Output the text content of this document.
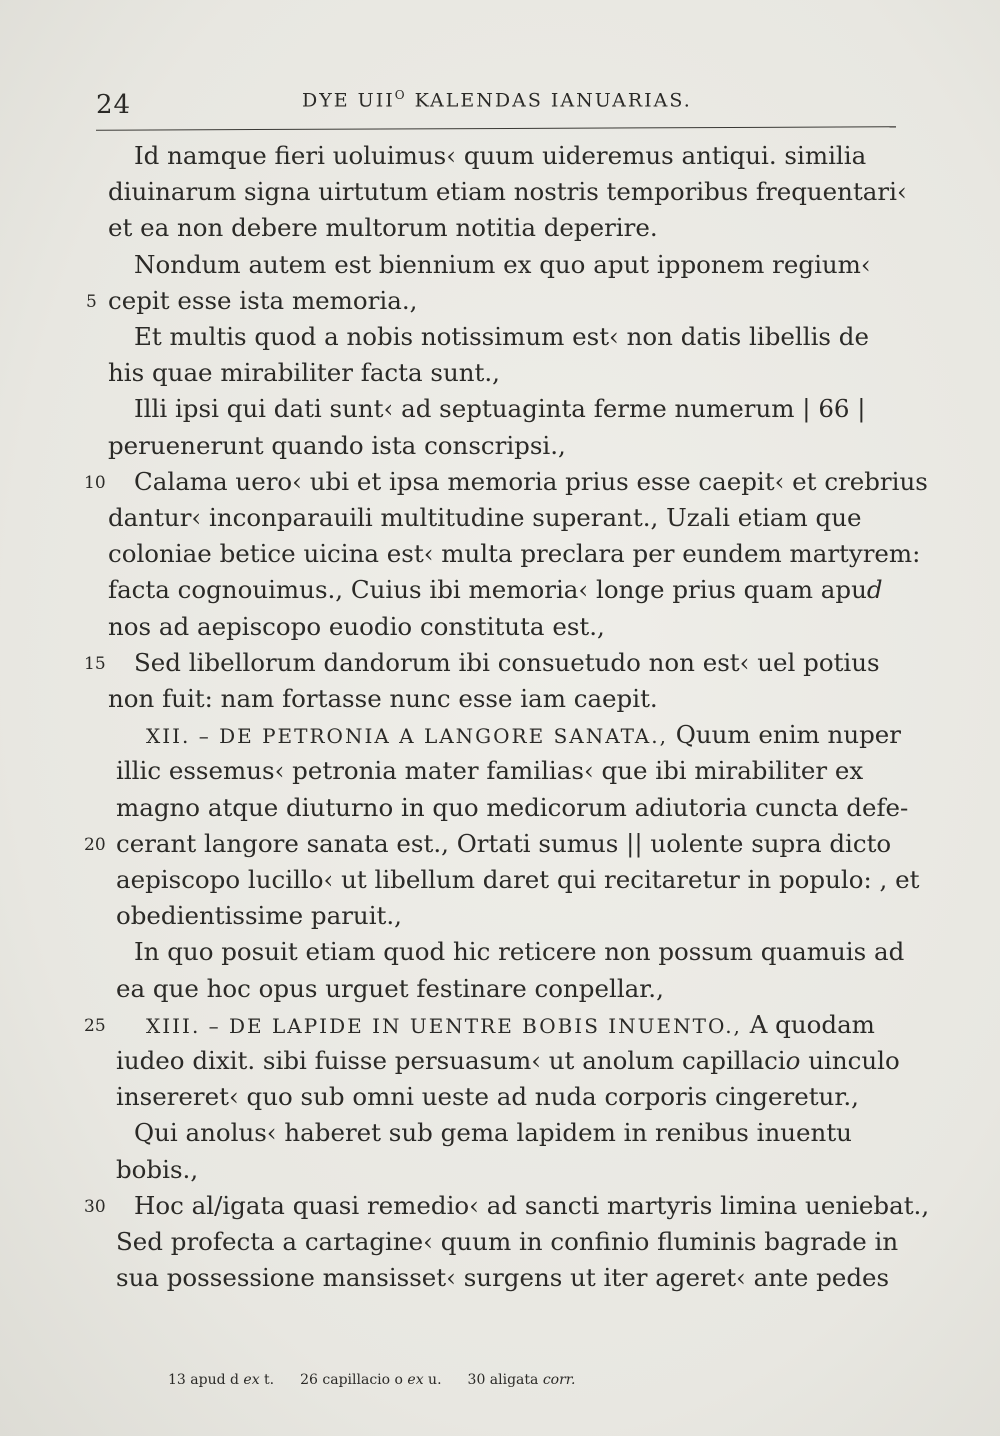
24	DYE $UII^O$ KALENDAS IANUARIAS.
Id namque fieri uoluimus‹ quum uideremus antiqui. similia
diuinarum signa uirtutum etiam nostris temporibus frequentari‹
et ea non debere multorum notitia deperire.
Nondum autem est biennium ex quo aput ipponem regium‹
cepit esse ista memoria.,
5
Et multis quod a nobis notissimum est‹ non datis libellis de
his quae mirabiliter facta sunt.,
Illi ipsi qui dati sunt‹ ad septuaginta ferme numerum | 66 |
peruenerunt quando ista conscripsi.,
Calama uero‹ ubi et ipsa memoria prius esse caepit‹ et crebrius
10
dantur‹ inconparauili multitudine superant., Uzali etiam que
coloniae betice uicina est‹ multa preclara per eundem martyrem:
facta cognouimus., Cuius ibi memoria‹ longe prius quam apud
nos ad aepiscopo euodio constituta est.,
Sed libellorum dandorum ibi consuetudo non est‹ uel potius
15
non fuit: nam fortasse nunc esse iam caepit.
XII. – DE PETRONIA A LANGORE SANATA., Quum enim nuper
illic essemus‹ petronia mater familias‹ que ibi mirabiliter ex
magno atque diuturno in quo medicorum adiutoria cuncta defe-
cerant langore sanata est., Ortati sumus || uolente supra dicto
20
aepiscopo lucillo‹ ut libellum daret qui recitaretur in populo: , et
obedientissime paruit.,
In quo posuit etiam quod hic reticere non possum quamuis ad
ea que hoc opus urguet festinare conpellar.,
XIII. – DE LAPIDE IN UENTRE BOBIS INUENTO., A quodam
25
iudeo dixit. sibi fuisse persuasum‹ ut anolum capillacio uinculo
insereret‹ quo sub omni ueste ad nuda corporis cingeretur.,
Qui anolus‹ haberet sub gema lapidem in renibus inuentu
bobis.,
Hoc al/igata quasi remedio‹ ad sancti martyris limina ueniebat.,
30
Sed profecta a cartagine‹ quum in confinio fluminis bagrade in
sua possessione mansisset‹ surgens ut iter ageret‹ ante pedes
13 apud d ex t. 26 capillacio o ex u. 30 aligata corr.
